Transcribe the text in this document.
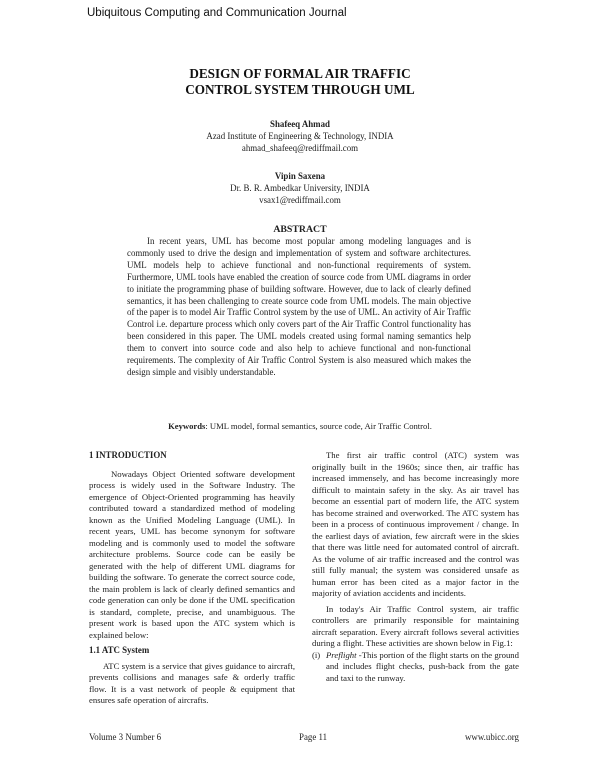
Ubiquitous Computing and Communication Journal
DESIGN OF FORMAL AIR TRAFFIC
CONTROL SYSTEM THROUGH UML
Shafeeq Ahmad
Azad Institute of Engineering & Technology, INDIA
ahmad_shafeeq@rediffmail.com
Vipin Saxena
Dr. B. R. Ambedkar University, INDIA
vsax1@rediffmail.com
ABSTRACT

In recent years, UML has become most popular among modeling languages and is commonly used to drive the design and implementation of system and software architectures. UML models help to achieve functional and non-functional requirements of system. Furthermore, UML tools have enabled the creation of source code from UML diagrams in order to initiate the programming phase of building software. However, due to lack of clearly defined semantics, it has been challenging to create source code from UML models. The main objective of the paper is to model Air Traffic Control system by the use of UML. An activity of Air Traffic Control i.e. departure process which only covers part of the Air Traffic Control functionality has been considered in this paper. The UML models created using formal naming semantics help them to convert into source code and also help to achieve functional and non-functional requirements. The complexity of Air Traffic Control System is also measured which makes the design simple and visibly understandable.

Keywords: UML model, formal semantics, source code, Air Traffic Control.

1 INTRODUCTION

Nowadays Object Oriented software development process is widely used in the Software Industry. The emergence of Object-Oriented programming has heavily contributed toward a standardized method of modeling known as the Unified Modeling Language (UML). In recent years, UML has become synonym for software modeling and is commonly used to model the software architecture problems. Source code can be easily be generated with the help of different UML diagrams for building the software. To generate the correct source code, the main problem is lack of clearly defined semantics and code generation can only be done if the UML specification is standard, complete, precise, and unambiguous. The present work is based upon the ATC system which is explained below:

1.1 ATC System

ATC system is a service that gives guidance to aircraft, prevents collisions and manages safe & orderly traffic flow. It is a vast network of people & equipment that ensures safe operation of aircrafts.

The first air traffic control (ATC) system was originally built in the 1960s; since then, air traffic has increased immensely, and has become increasingly more difficult to maintain safety in the sky. As air travel has become an essential part of modern life, the ATC system has become strained and overworked. The ATC system has been in a process of continuous improvement / change. In the earliest days of aviation, few aircraft were in the skies that there was little need for automated control of aircraft. As the volume of air traffic increased and the control was still fully manual; the system was considered unsafe as human error has been cited as a major factor in the majority of aviation accidents and incidents.

In today's Air Traffic Control system, air traffic controllers are primarily responsible for maintaining aircraft separation. Every aircraft follows several activities during a flight. These activities are shown below in Fig.1:

(i) Preflight -This portion of the flight starts on the ground and includes flight checks, push-back from the gate and taxi to the runway.
Volume 3 Number 6	Page 11	www.ubicc.org
